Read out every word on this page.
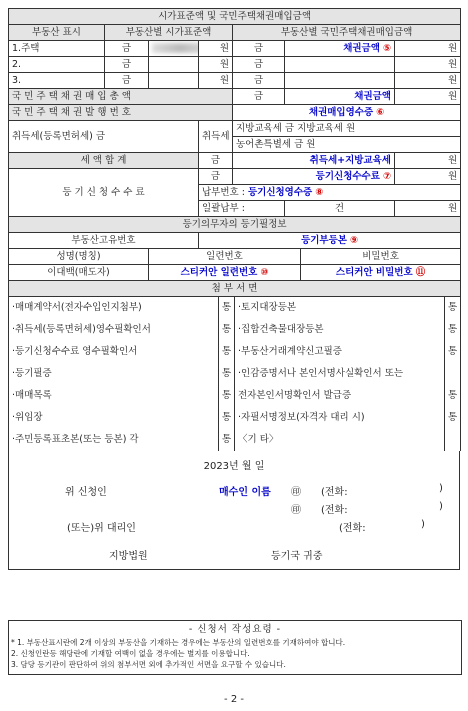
시가표준액 및 국민주택채권매입금액							
부동산 표시	부동산별 시가표준액			부동산별 국민주택채권매입금액			
1.주택	금		원	금	채권금액 ⑤		원
2.	금		원	금			원
3.	금		원	금			원
국 민 주 택 채 권 매 입 총 액				금	채권금액		원
국 민 주 택 채 권 발 행 번 호				채권매입영수증 ⑥			
취득세(등록면허세) 금			취득세	지방교육세 금 지방교육세 원			
				농어촌특별세 금 원			
세 액 합 계			금	취득세+지방교육세			원
등 기 신 청 수 수 료			금	등기신청수수료 ⑦			원
			납부번호 : 등기신청영수증 ⑧				
			일괄납부 :		건		원
등기의무자의 등기필정보							
부동산고유번호			등기부등본 ⑨				
성명(명칭)		일련번호				비밀번호	
이대백(매도자)		스티커안 일련번호 ⑩				스티커안 비밀번호 ⑪	
첨 부 서 면							
·매매계약서(전자수입인지첨부)	통	·토지대장등본	통
·취득세(등록면허세)영수필확인서	통	·집합건축물대장등본	통
·등기신청수수료 영수필확인서	통	·부동산거래계약신고필증	통
·등기필증	통	·인감증명서나 본인서명사실확인서 또는	
·매매목록	통	전자본인서명확인서 발급증	통
·위임장	통	·자필서명정보(자격자 대리 시)	통
·주민등록표초본(또는 등본) 각	통	〈기 타〉	
2023년 월 일
위 신청인	매수인 이름 ㊞ (전화:	)
㊞ (전화:	)
(또는)위 대리인	(전화:	)
지방법원	등기국 귀중
- 신청서 작성요령 -
* 1. 부동산표시란에 2개 이상의 부동산을 기재하는 경우에는 부동산의 일련번호를 기재하여야 합니다.
2. 신청인란등 해당란에 기재할 여백이 없을 경우에는 별지를 이용합니다.
3. 담당 등기관이 판단하여 위의 첨부서면 외에 추가적인 서면을 요구할 수 있습니다.
- 2 -
